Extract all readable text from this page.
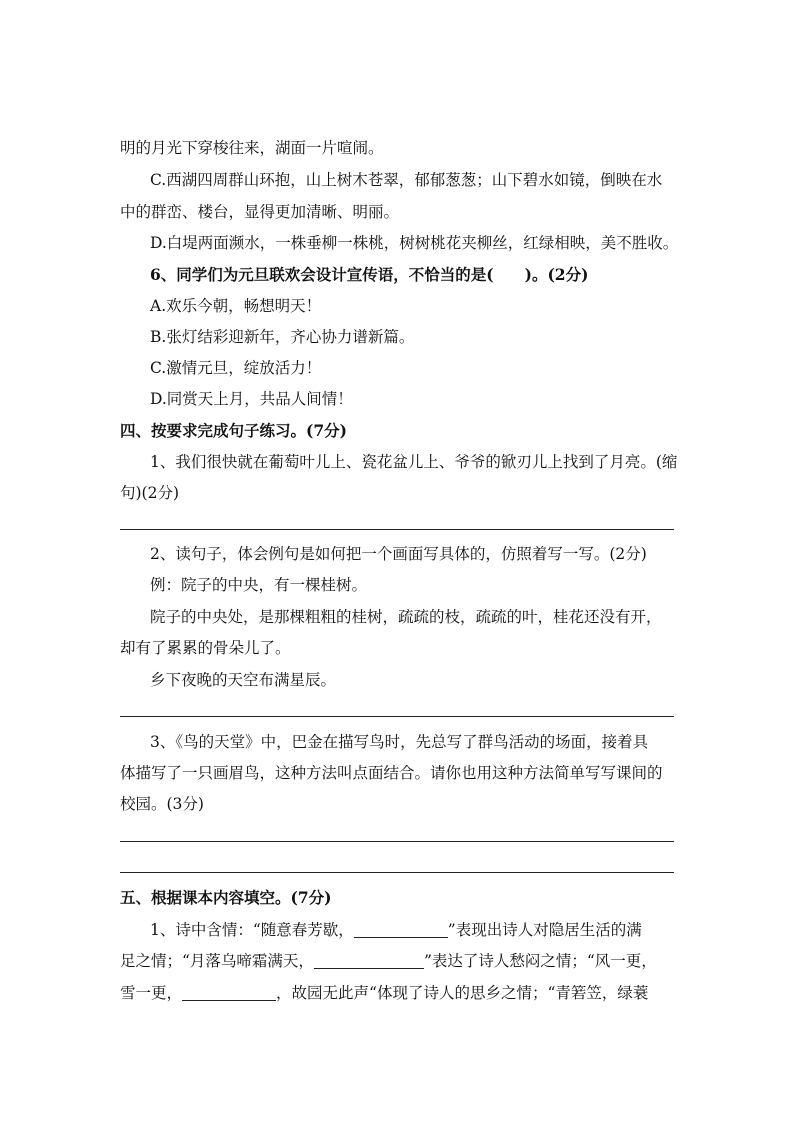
明的月光下穿梭往来，湖面一片喧闹。
C.西湖四周群山环抱，山上树木苍翠，郁郁葱葱；山下碧水如镜，倒映在水
中的群峦、楼台，显得更加清晰、明丽。
D.白堤两面濒水，一株垂柳一株桃，树树桃花夹柳丝，红绿相映，美不胜收。
6、同学们为元旦联欢会设计宣传语，不恰当的是(　　)。(2分)
A.欢乐今朝，畅想明天！
B.张灯结彩迎新年，齐心协力谱新篇。
C.激情元旦，绽放活力！
D.同赏天上月，共品人间情！
四、按要求完成句子练习。(7分)
1、我们很快就在葡萄叶儿上、瓷花盆儿上、爷爷的锨刃儿上找到了月亮。(缩
句)(2分)
2、读句子，体会例句是如何把一个画面写具体的，仿照着写一写。(2分)
例：院子的中央，有一棵桂树。
院子的中央处，是那棵粗粗的桂树，疏疏的枝，疏疏的叶，桂花还没有开，
却有了累累的骨朵儿了。
乡下夜晚的天空布满星辰。
3、《鸟的天堂》中，巴金在描写鸟时，先总写了群鸟活动的场面，接着具
体描写了一只画眉鸟，这种方法叫点面结合。请你也用这种方法简单写写课间的
校园。(3分)
五、根据课本内容填空。(7分)
1、诗中含情：“随意春芳歇，	”表现出诗人对隐居生活的满
足之情；“月落乌啼霜满天，	”表达了诗人愁闷之情；“风一更，
雪一更，	，故园无此声“体现了诗人的思乡之情；“青箬笠，绿蓑
